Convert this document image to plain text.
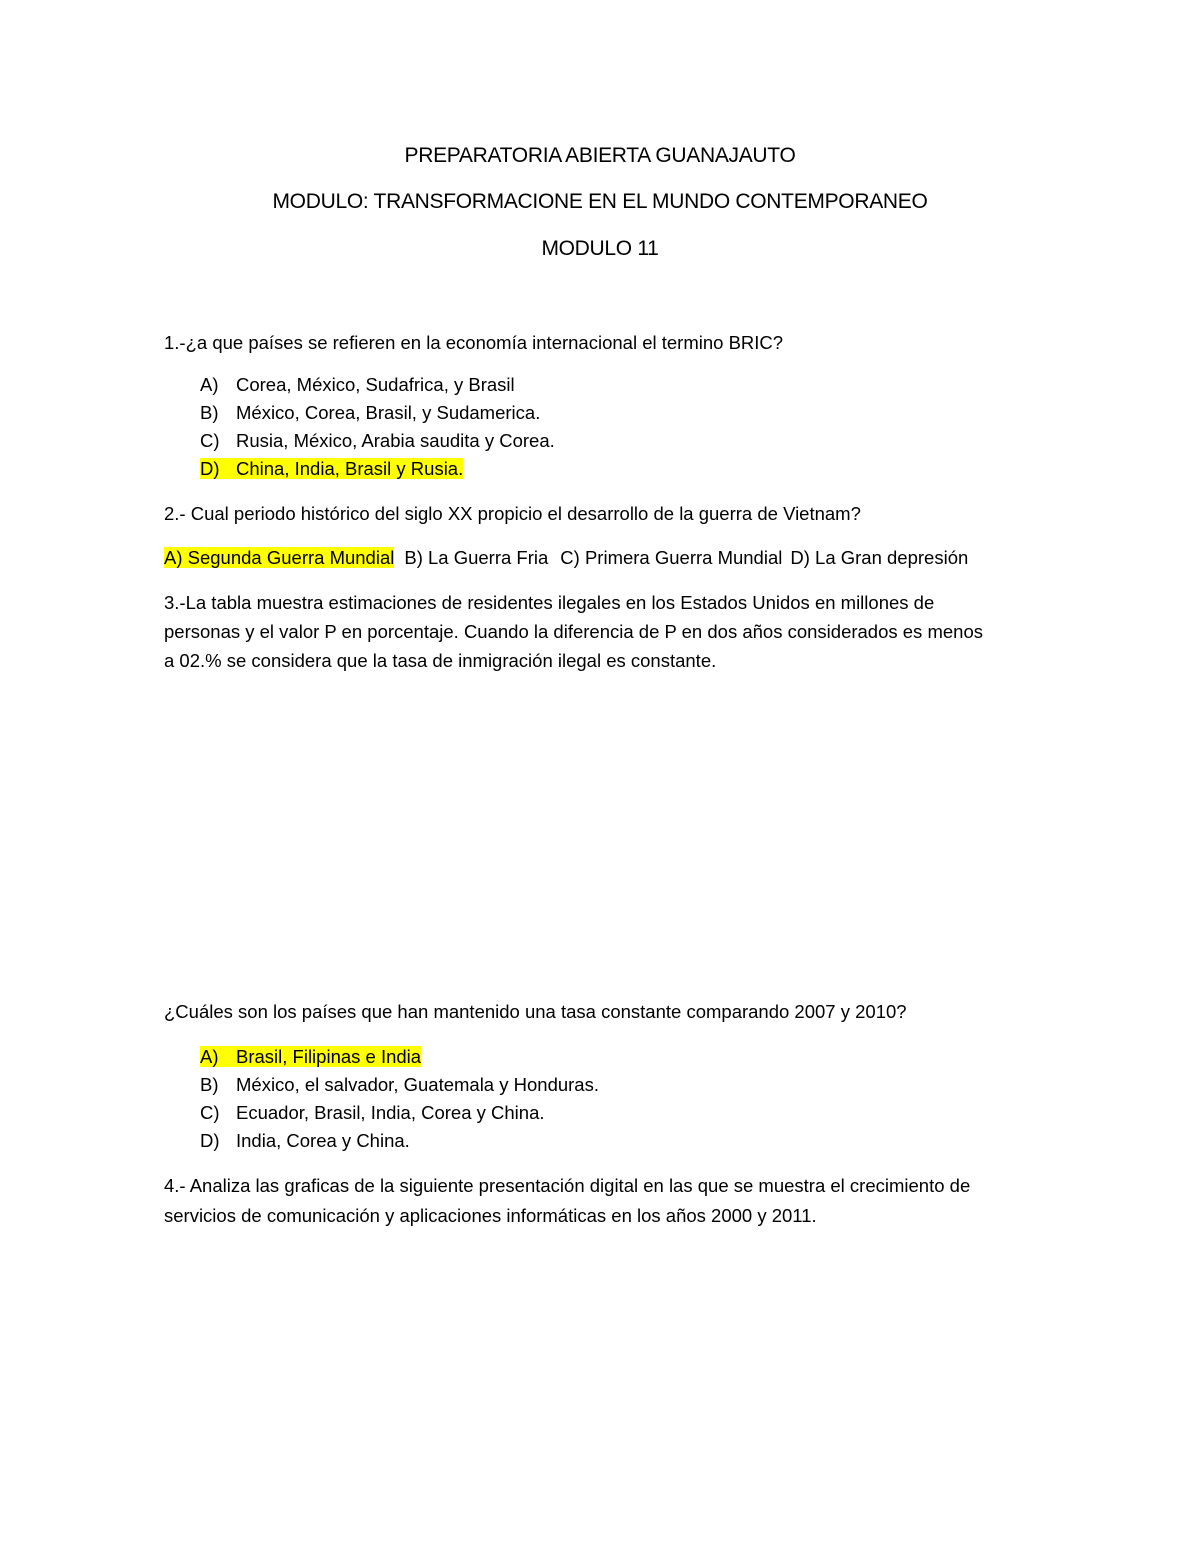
PREPARATORIA ABIERTA GUANAJAUTO
MODULO: TRANSFORMACIONE EN EL MUNDO CONTEMPORANEO
MODULO 11
1.-¿a que países se refieren en la economía internacional el termino BRIC?
A) Corea, México, Sudafrica, y Brasil
B) México, Corea, Brasil, y Sudamerica.
C) Rusia, México, Arabia saudita y Corea.
D) China, India, Brasil y Rusia.
2.- Cual periodo histórico del siglo XX propicio el desarrollo de la guerra de Vietnam?
A) Segunda Guerra Mundial B) La Guerra Fria C) Primera Guerra Mundial D) La Gran depresión
3.-La tabla muestra estimaciones de residentes ilegales en los Estados Unidos en millones de
personas y el valor P en porcentaje. Cuando la diferencia de P en dos años considerados es menos
a 02.% se considera que la tasa de inmigración ilegal es constante.
¿Cuáles son los países que han mantenido una tasa constante comparando 2007 y 2010?
A) Brasil, Filipinas e India
B) México, el salvador, Guatemala y Honduras.
C) Ecuador, Brasil, India, Corea y China.
D) India, Corea y China.
4.- Analiza las graficas de la siguiente presentación digital en las que se muestra el crecimiento de
servicios de comunicación y aplicaciones informáticas en los años 2000 y 2011.
